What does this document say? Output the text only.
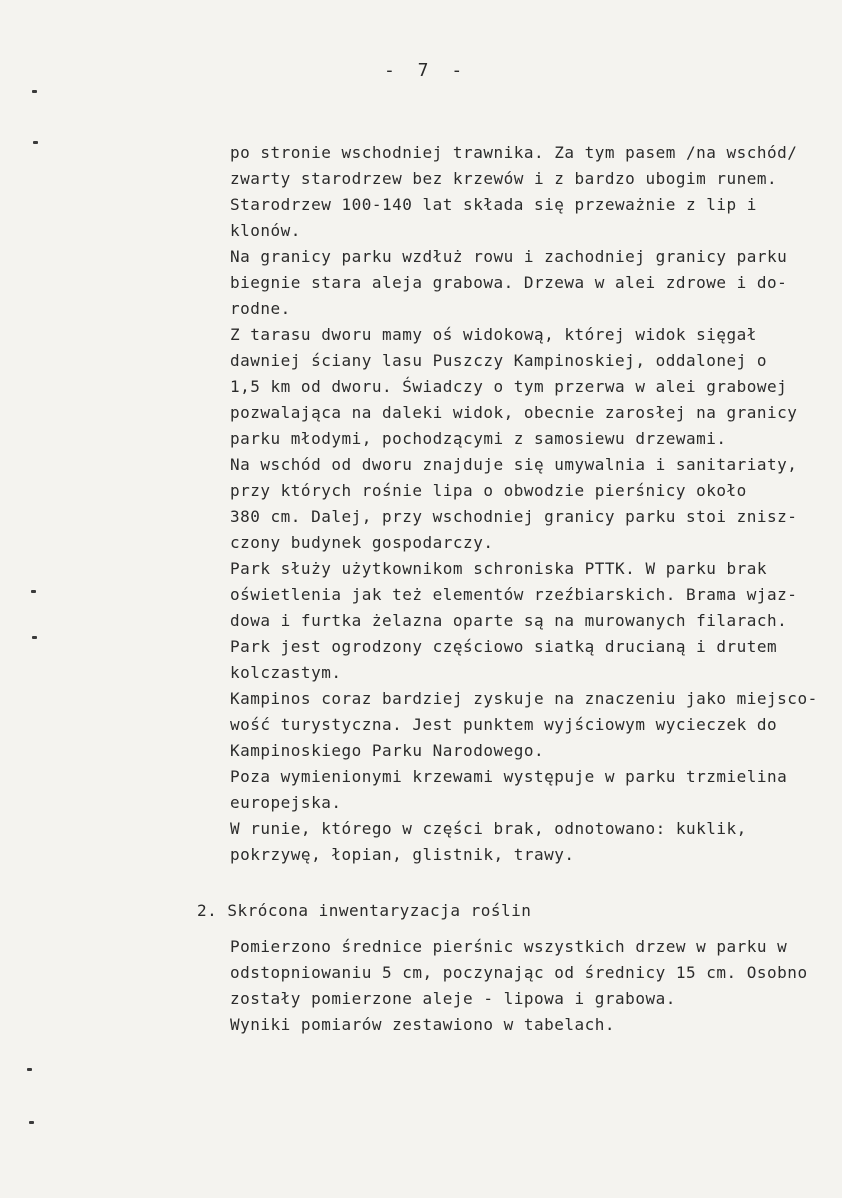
- 7 -
po stronie wschodniej trawnika. Za tym pasem /na wschód/
zwarty starodrzew bez krzewów i z bardzo ubogim runem.
Starodrzew 100-140 lat składa się przeważnie z lip i
klonów.
Na granicy parku wzdłuż rowu i zachodniej granicy parku
biegnie stara aleja grabowa. Drzewa w alei zdrowe i do-
rodne.
Z tarasu dworu mamy oś widokową, której widok sięgał
dawniej ściany lasu Puszczy Kampinoskiej, oddalonej o
1,5 km od dworu. Świadczy o tym przerwa w alei grabowej
pozwalająca na daleki widok, obecnie zarosłej na granicy
parku młodymi, pochodzącymi z samosiewu drzewami.
Na wschód od dworu znajduje się umywalnia i sanitariaty,
przy których rośnie lipa o obwodzie pierśnicy około
380 cm. Dalej, przy wschodniej granicy parku stoi znisz-
czony budynek gospodarczy.
Park służy użytkownikom schroniska PTTK. W parku brak
oświetlenia jak też elementów rzeźbiarskich. Brama wjaz-
dowa i furtka żelazna oparte są na murowanych filarach.
Park jest ogrodzony częściowo siatką drucianą i drutem
kolczastym.
Kampinos coraz bardziej zyskuje na znaczeniu jako miejsco-
wość turystyczna. Jest punktem wyjściowym wycieczek do
Kampinoskiego Parku Narodowego.
Poza wymienionymi krzewami występuje w parku trzmielina
europejska.
W runie, którego w części brak, odnotowano: kuklik,
pokrzywę, łopian, glistnik, trawy.
2. Skrócona inwentaryzacja roślin
Pomierzono średnice pierśnic wszystkich drzew w parku w
odstopniowaniu 5 cm, poczynając od średnicy 15 cm. Osobno
zostały pomierzone aleje - lipowa i grabowa.
Wyniki pomiarów zestawiono w tabelach.
